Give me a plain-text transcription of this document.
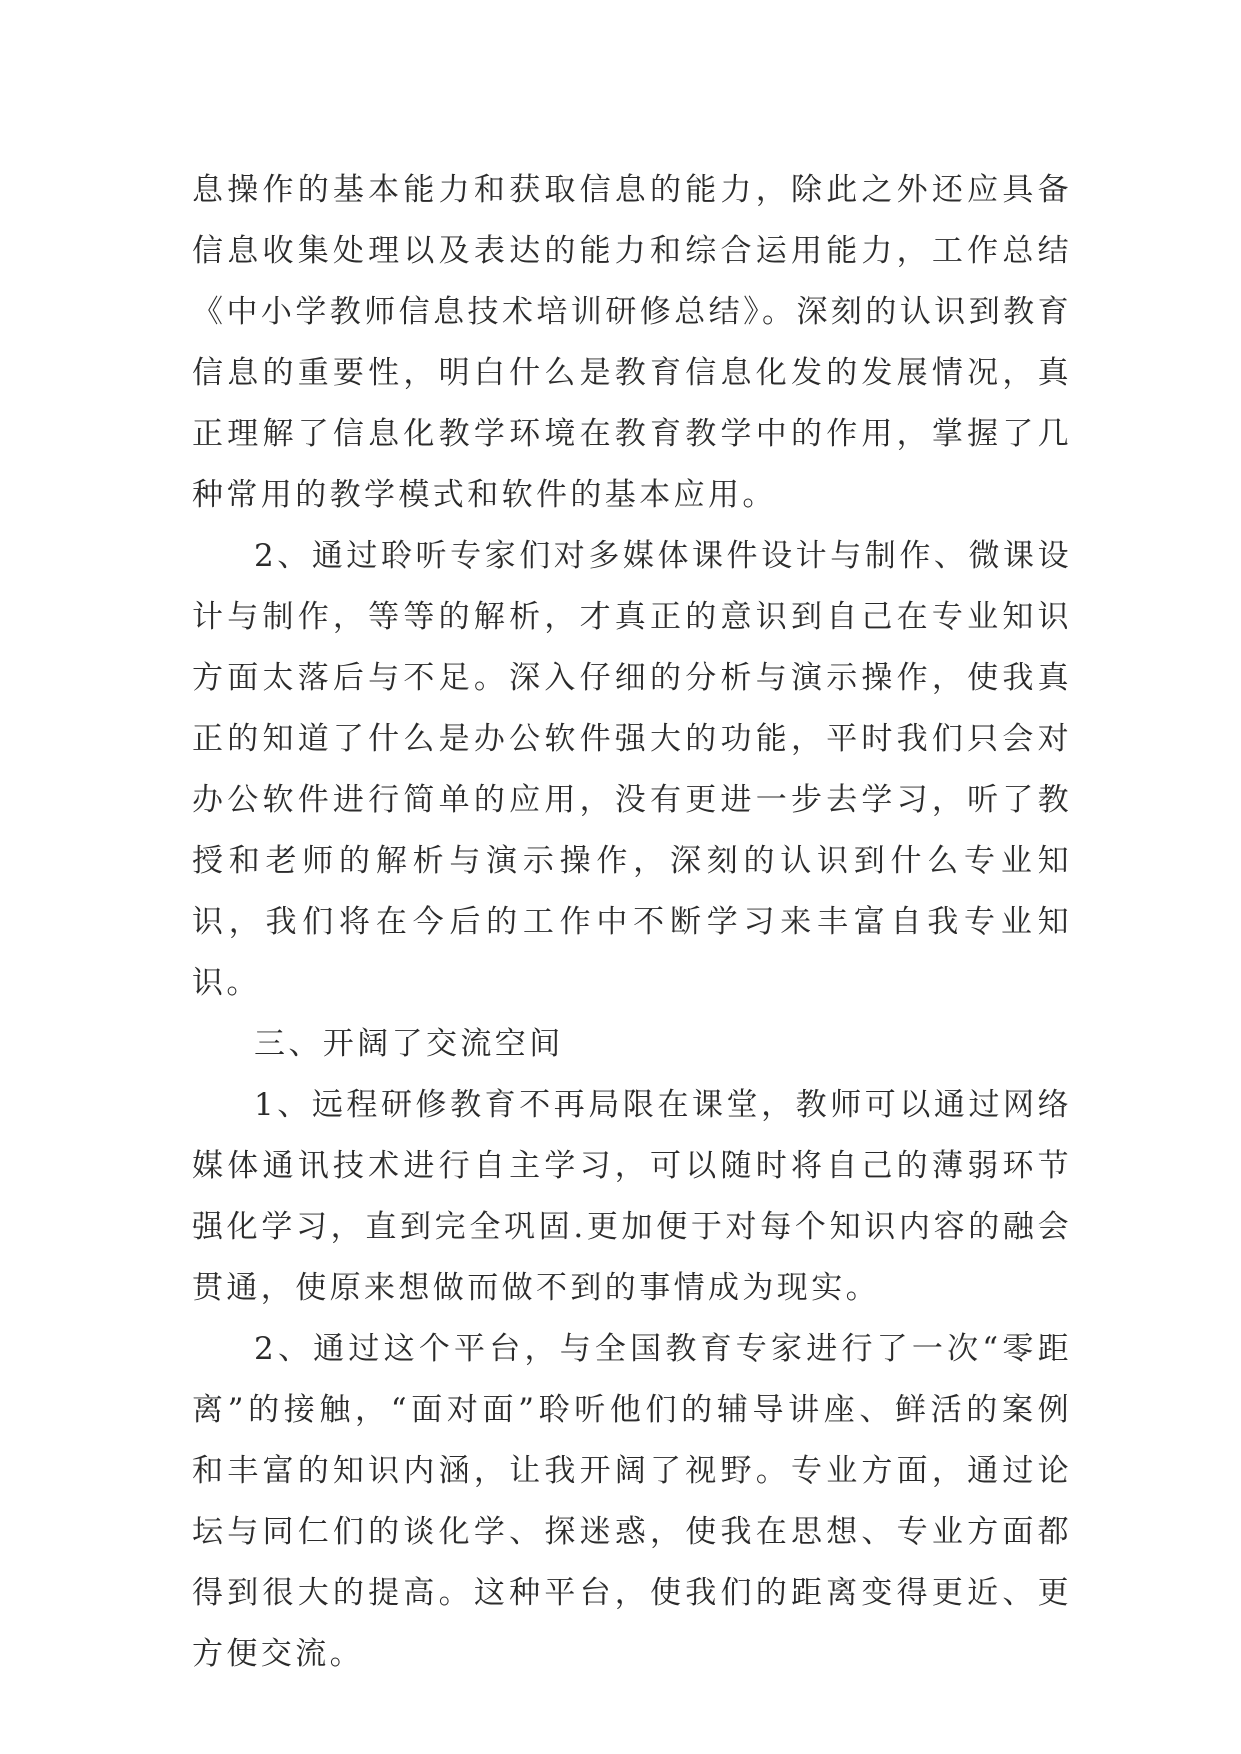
息操作的基本能力和获取信息的能力，除此之外还应具备信息收集处理以及表达的能力和综合运用能力，工作总结《中小学教师信息技术培训研修总结》。深刻的认识到教育信息的重要性，明白什么是教育信息化发的发展情况，真正理解了信息化教学环境在教育教学中的作用，掌握了几种常用的教学模式和软件的基本应用。

2、通过聆听专家们对多媒体课件设计与制作、微课设计与制作，等等的解析，才真正的意识到自己在专业知识方面太落后与不足。深入仔细的分析与演示操作，使我真正的知道了什么是办公软件强大的功能，平时我们只会对办公软件进行简单的应用，没有更进一步去学习，听了教授和老师的解析与演示操作，深刻的认识到什么专业知识，我们将在今后的工作中不断学习来丰富自我专业知识。

三、开阔了交流空间

1、远程研修教育不再局限在课堂，教师可以通过网络媒体通讯技术进行自主学习，可以随时将自己的薄弱环节强化学习，直到完全巩固.更加便于对每个知识内容的融会贯通，使原来想做而做不到的事情成为现实。

2、通过这个平台，与全国教育专家进行了一次“零距离”的接触，“面对面”聆听他们的辅导讲座、鲜活的案例和丰富的知识内涵，让我开阔了视野。专业方面，通过论坛与同仁们的谈化学、探迷惑，使我在思想、专业方面都得到很大的提高。这种平台，使我们的距离变得更近、更方便交流。
